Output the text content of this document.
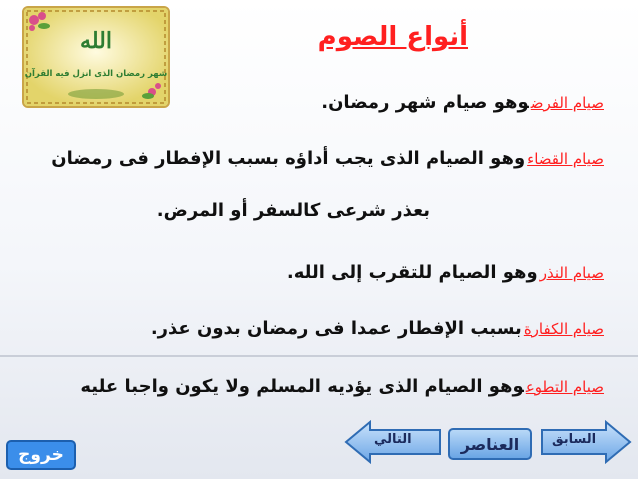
الله
شهر رمضان الذى انزل فيه القرآن
أنواع الصوم
صيام الفرضوهو صيام شهر رمضان.
صيام القضاءوهو الصيام الذى يجب أداؤه بسبب الإفطار فى رمضان
بعذر شرعى كالسفر أو المرض.
صيام النذروهو الصيام للتقرب إلى الله.
صيام الكفارةبسبب الإفطار عمدا فى رمضان بدون عذر.
صيام التطوعوهو الصيام الذى يؤديه المسلم ولا يكون واجبا عليه
السابق
العناصر
التالي
خروج
